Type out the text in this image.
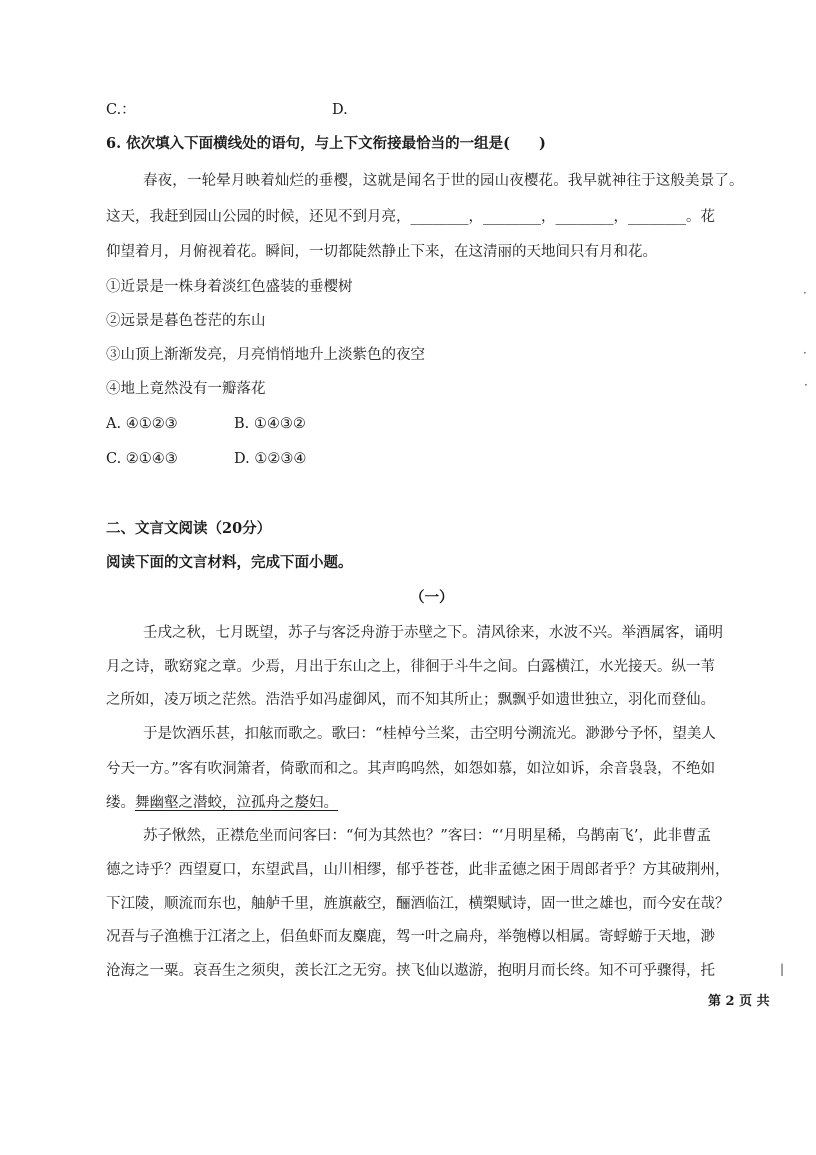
C.：	D.
6. 依次填入下面横线处的语句，与上下文衔接最恰当的一组是(　　)
春夜，一轮晕月映着灿烂的垂樱，这就是闻名于世的园山夜樱花。我早就神往于这般美景了。
这天，我赶到园山公园的时候，还见不到月亮，________，________，________，________。花
仰望着月，月俯视着花。瞬间，一切都陡然静止下来，在这清丽的天地间只有月和花。
①近景是一株身着淡红色盛装的垂樱树
②远景是暮色苍茫的东山
③山顶上渐渐发亮，月亮悄悄地升上淡紫色的夜空
④地上竟然没有一瓣落花
A. ④①②③	B. ①④③②
C. ②①④③	D. ①②③④
二、文言文阅读（20分）
阅读下面的文言材料，完成下面小题。
（一）
壬戌之秋，七月既望，苏子与客泛舟游于赤壁之下。清风徐来，水波不兴。举酒属客，诵明
月之诗，歌窈窕之章。少焉，月出于东山之上，徘徊于斗牛之间。白露横江，水光接天。纵一苇
之所如，凌万顷之茫然。浩浩乎如冯虚御风，而不知其所止；飘飘乎如遗世独立，羽化而登仙。
于是饮酒乐甚，扣舷而歌之。歌曰：“桂棹兮兰桨，击空明兮溯流光。渺渺兮予怀，望美人
兮天一方。”客有吹洞箫者，倚歌而和之。其声呜呜然，如怨如慕，如泣如诉，余音袅袅，不绝如
缕。舞幽壑之潜蛟，泣孤舟之嫠妇。
苏子愀然，正襟危坐而问客曰：“何为其然也？”客曰：“‘月明星稀，乌鹊南飞’，此非曹孟
德之诗乎？西望夏口，东望武昌，山川相缪，郁乎苍苍，此非孟德之困于周郎者乎？方其破荆州，
下江陵，顺流而东也，舳舻千里，旌旗蔽空，酾酒临江，横槊赋诗，固一世之雄也，而今安在哉？
况吾与子渔樵于江渚之上，侣鱼虾而友麋鹿，驾一叶之扁舟，举匏樽以相属。寄蜉蝣于天地，渺
沧海之一粟。哀吾生之须臾，羡长江之无穷。挟飞仙以遨游，抱明月而长终。知不可乎骤得，托
第 2 页 共
·
·
·
|
